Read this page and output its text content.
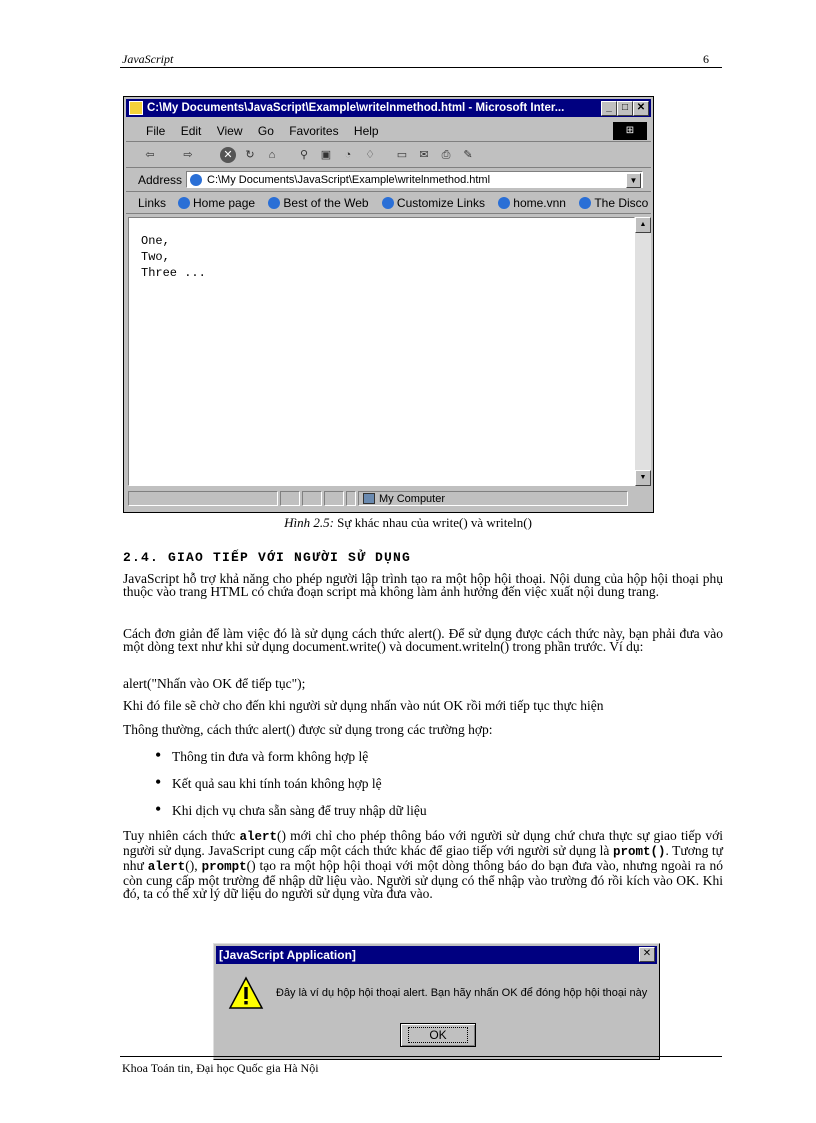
JavaScript	6
C:\My Documents\JavaScript\Example\writelnmethod.html - Microsoft Inter...	_	□ ✕
File Edit View Go Favorites Help	⊞
⇦	⇨	✕	↻	⌂	⚲	▣	◔	♢ ▭	✉	⎙	✎
Address	C:\My Documents\JavaScript\Example\writelnmethod.html	▼
Links	Home page Best of the Web Customize Links home.vnn The Disco
One,
Two,
Three ...
▲
▼
My Computer
Hình 2.5: Sự khác nhau của write() và writeln()
2.4. GIAO TIẾP VỚI NGƯỜI SỬ DỤNG
JavaScript hỗ trợ khả năng cho phép người lập trình tạo ra một hộp hội thoại. Nội dung của hộp hội thoại phụ thuộc vào trang HTML có chứa đoạn script mà không làm ảnh hưởng đến việc xuất nội dung trang.
Cách đơn giản để làm việc đó là sử dụng cách thức alert(). Để sử dụng được cách thức này, bạn phải đưa vào một dòng text như khi sử dụng document.write() và document.writeln() trong phần trước. Ví dụ:
alert("Nhấn vào OK để tiếp tục");
Khi đó file sẽ chờ cho đến khi người sử dụng nhấn vào nút OK rồi mới tiếp tục thực hiện
Thông thường, cách thức alert() được sử dụng trong các trường hợp:
• Thông tin đưa và form không hợp lệ
• Kết quả sau khi tính toán không hợp lệ
• Khi dịch vụ chưa sẵn sàng để truy nhập dữ liệu
Tuy nhiên cách thức alert() mới chỉ cho phép thông báo với người sử dụng chứ chưa thực sự giao tiếp với người sử dụng. JavaScript cung cấp một cách thức khác để giao tiếp với người sử dụng là promt(). Tương tự như alert(), prompt() tạo ra một hộp hội thoại với một dòng thông báo do bạn đưa vào, nhưng ngoài ra nó còn cung cấp một trường để nhập dữ liệu vào. Người sử dụng có thể nhập vào trường đó rồi kích vào OK. Khi đó, ta có thể xử lý dữ liệu do người sử dụng vừa đưa vào.
[JavaScript Application]	✕
Đây là ví dụ hộp hội thoại alert. Bạn hãy nhấn OK để đóng hộp hội thoại này
OK
Khoa Toán tin, Đại học Quốc gia Hà Nội
